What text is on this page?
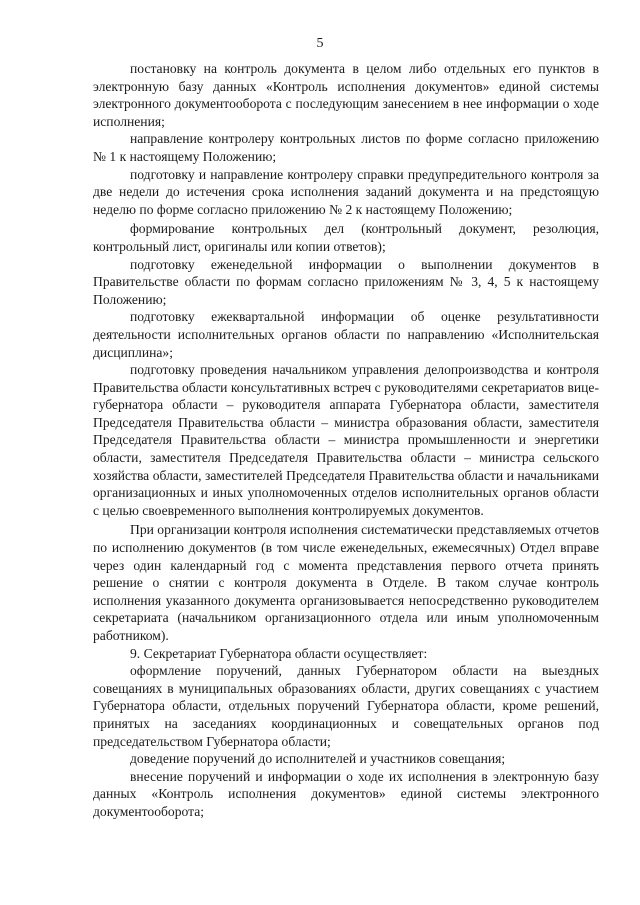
5

постановку на контроль документа в целом либо отдельных его пунктов в электронную базу данных «Контроль исполнения документов» единой системы электронного документооборота с последующим занесением в нее информации о ходе исполнения;

направление контролеру контрольных листов по форме согласно приложению № 1 к настоящему Положению;

подготовку и направление контролеру справки предупредительного контроля за две недели до истечения срока исполнения заданий документа и на предстоящую неделю по форме согласно приложению № 2 к настоящему Положению;

формирование контрольных дел (контрольный документ, резолюция, контрольный лист, оригиналы или копии ответов);

подготовку еженедельной информации о выполнении документов в Правительстве области по формам согласно приложениям № 3, 4, 5 к настоящему Положению;

подготовку ежеквартальной информации об оценке результативности деятельности исполнительных органов области по направлению «Исполнительская дисциплина»;

подготовку проведения начальником управления делопроизводства и контроля Правительства области консультативных встреч с руководителями секретариатов вице-губернатора области – руководителя аппарата Губернатора области, заместителя Председателя Правительства области – министра образования области, заместителя Председателя Правительства области – министра промышленности и энергетики области, заместителя Председателя Правительства области – министра сельского хозяйства области, заместителей Председателя Правительства области и начальниками организационных и иных уполномоченных отделов исполнительных органов области с целью своевременного выполнения контролируемых документов.

При организации контроля исполнения систематически представляемых отчетов по исполнению документов (в том числе еженедельных, ежемесячных) Отдел вправе через один календарный год с момента представления первого отчета принять решение о снятии с контроля документа в Отделе. В таком случае контроль исполнения указанного документа организовывается непосредственно руководителем секретариата (начальником организационного отдела или иным уполномоченным работником).

9. Секретариат Губернатора области осуществляет:

оформление поручений, данных Губернатором области на выездных совещаниях в муниципальных образованиях области, других совещаниях с участием Губернатора области, отдельных поручений Губернатора области, кроме решений, принятых на заседаниях координационных и совещательных органов под председательством Губернатора области;

доведение поручений до исполнителей и участников совещания;

внесение поручений и информации о ходе их исполнения в электронную базу данных «Контроль исполнения документов» единой системы электронного документооборота;
